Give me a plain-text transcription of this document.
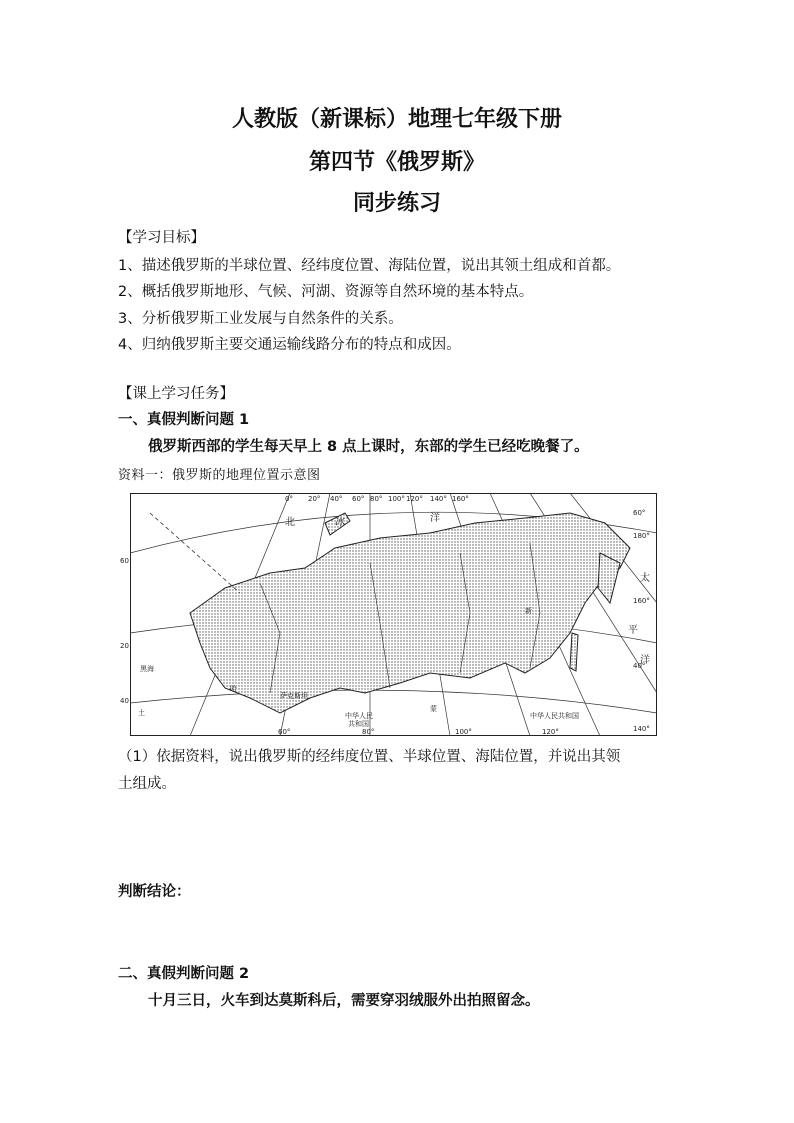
人教版（新课标）地理七年级下册
第四节《俄罗斯》
同步练习
【学习目标】
1、描述俄罗斯的半球位置、经纬度位置、海陆位置，说出其领土组成和首都。
2、概括俄罗斯地形、气候、河湖、资源等自然环境的基本特点。
3、分析俄罗斯工业发展与自然条件的关系。
4、归纳俄罗斯主要交通运输线路分布的特点和成因。
【课上学习任务】
一、真假判断问题 1
俄罗斯西部的学生每天早上 8 点上课时，东部的学生已经吃晚餐了。
资料一：俄罗斯的地理位置示意图
0° 20° 40° 60° 80° 100° 120° 140° 160°
60
20
40
60°
180°
160°
40°
140°
60°	80°	100°	120°
北	冰	洋
太
平
洋
哈
萨克斯坦
蒙
中华人民
共和国
中华人民共和国
黑海
土
新
（1）依据资料，说出俄罗斯的经纬度位置、半球位置、海陆位置，并说出其领
土组成。
判断结论：
二、真假判断问题 2
十月三日，火车到达莫斯科后，需要穿羽绒服外出拍照留念。
